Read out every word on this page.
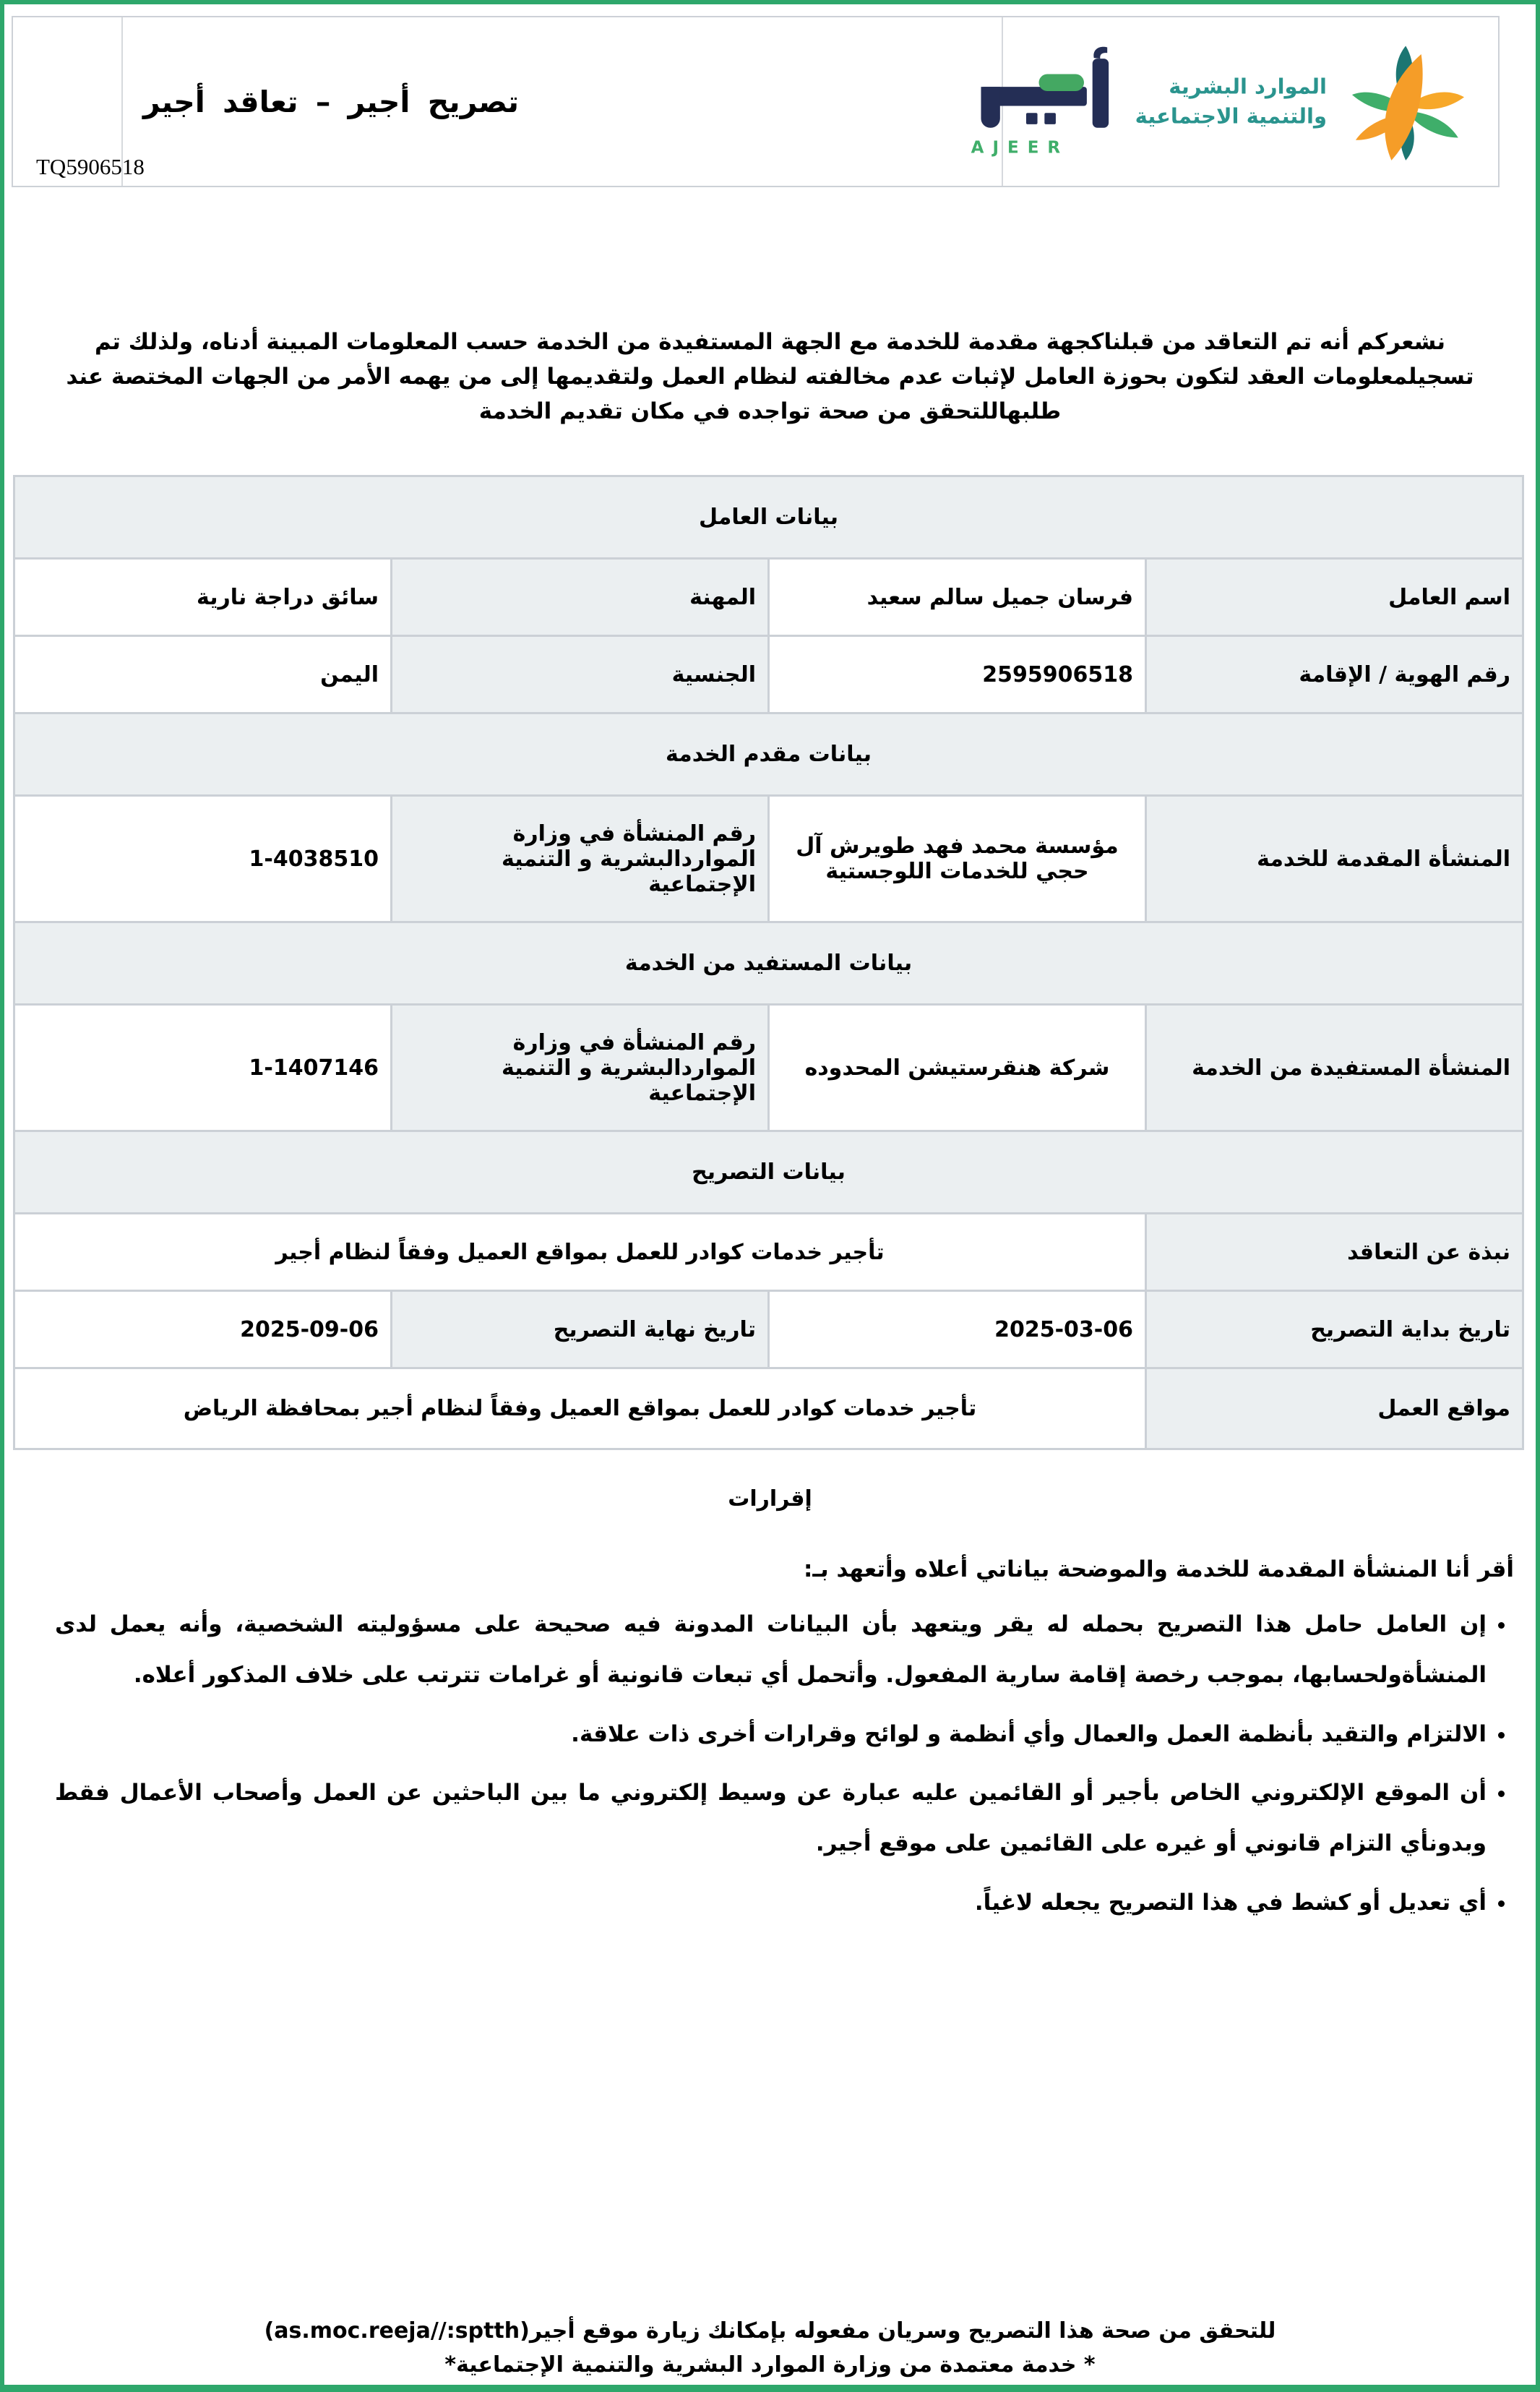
تصريح أجير – تعاقد أجير
TQ5906518
AJEER
الموارد البشرية
والتنمية الاجتماعية

نشعركم أنه تم التعاقد من قبلناكجهة مقدمة للخدمة مع الجهة المستفيدة من الخدمة حسب المعلومات المبينة أدناه، ولذلك تم تسجيلمعلومات العقد لتكون بحوزة العامل لإثبات عدم مخالفته لنظام العمل ولتقديمها إلى من يهمه الأمر من الجهات المختصة عند طلبهاللتحقق من صحة تواجده في مكان تقديم الخدمة

بيانات العامل			
اسم العامل	فرسان جميل سالم سعيد	المهنة	سائق دراجة نارية
رقم الهوية / الإقامة	2595906518	الجنسية	اليمن
بيانات مقدم الخدمة			
المنشأة المقدمة للخدمة	مؤسسة محمد فهد طويرش آل حجي للخدمات اللوجستية	رقم المنشأة في وزارة المواردالبشرية و التنمية الإجتماعية	1-4038510
بيانات المستفيد من الخدمة			
المنشأة المستفيدة من الخدمة	شركة هنقرستيشن المحدوده	رقم المنشأة في وزارة المواردالبشرية و التنمية الإجتماعية	1-1407146
بيانات التصريح			
نبذة عن التعاقد	تأجير خدمات كوادر للعمل بمواقع العميل وفقاً لنظام أجير		
تاريخ بداية التصريح	2025-03-06	تاريخ نهاية التصريح	2025-09-06
مواقع العمل	تأجير خدمات كوادر للعمل بمواقع العميل وفقاً لنظام أجير بمحافظة الرياض		
إقرارات

أقر أنا المنشأة المقدمة للخدمة والموضحة بياناتي أعلاه وأتعهد بـ:

• إن العامل حامل هذا التصريح بحمله له يقر ويتعهد بأن البيانات المدونة فيه صحيحة على مسؤوليته الشخصية، وأنه يعمل لدى المنشأةولحسابها، بموجب رخصة إقامة سارية المفعول. وأتحمل أي تبعات قانونية أو غرامات تترتب على خلاف المذكور أعلاه.
• الالتزام والتقيد بأنظمة العمل والعمال وأي أنظمة و لوائح وقرارات أخرى ذات علاقة.
• أن الموقع الإلكتروني الخاص بأجير أو القائمين عليه عبارة عن وسيط إلكتروني ما بين الباحثين عن العمل وأصحاب الأعمال فقط وبدونأي التزام قانوني أو غيره على القائمين على موقع أجير.
• أي تعديل أو كشط في هذا التصريح يجعله لاغياً.
للتحقق من صحة هذا التصريح وسريان مفعوله بإمكانك زيارة موقع أجير(as.moc.reeja//:sptth)
* خدمة معتمدة من وزارة الموارد البشرية والتنمية الإجتماعية*
